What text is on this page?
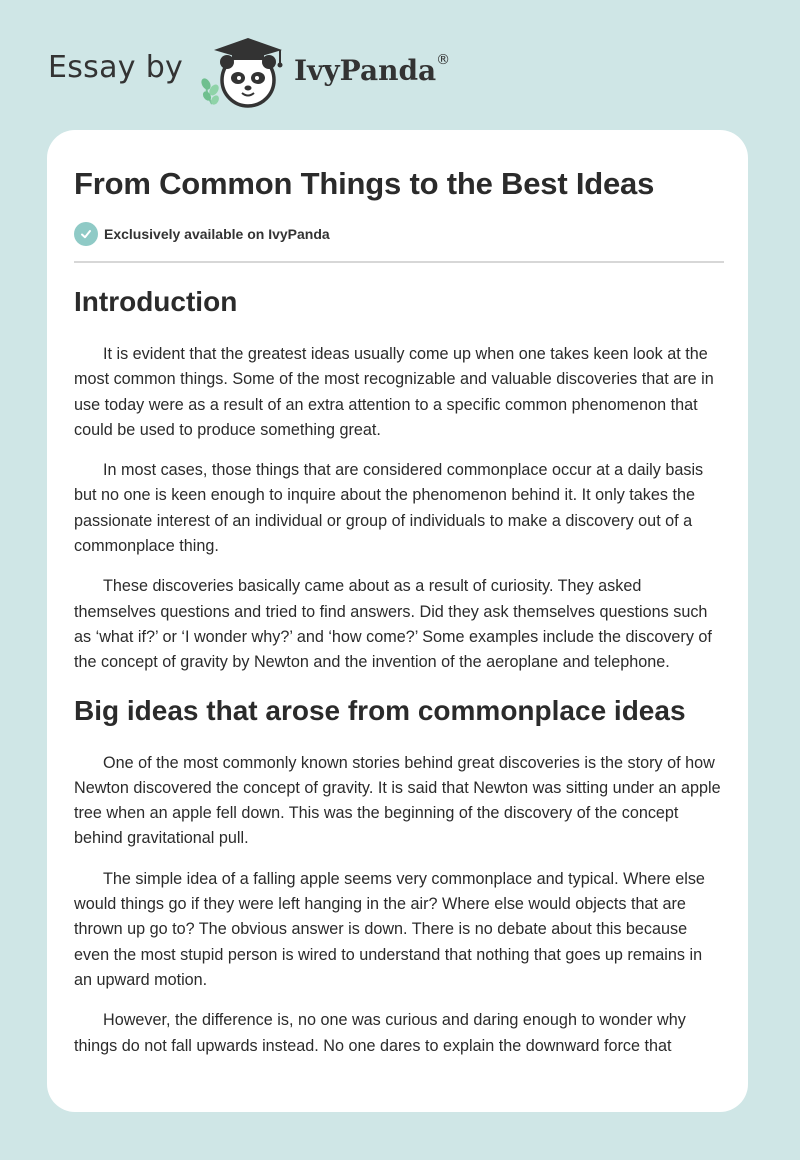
Essay by	IvyPanda®
From Common Things to the Best Ideas
Exclusively available on IvyPanda
Introduction

It is evident that the greatest ideas usually come up when one takes keen look at the most common things. Some of the most recognizable and valuable discoveries that are in use today were as a result of an extra attention to a specific common phenomenon that could be used to produce something great.

In most cases, those things that are considered commonplace occur at a daily basis but no one is keen enough to inquire about the phenomenon behind it. It only takes the passionate interest of an individual or group of individuals to make a discovery out of a commonplace thing.

These discoveries basically came about as a result of curiosity. They asked themselves questions and tried to find answers. Did they ask themselves questions such as ‘what if?’ or ‘I wonder why?’ and ‘how come?’ Some examples include the discovery of the concept of gravity by Newton and the invention of the aeroplane and telephone.

Big ideas that arose from commonplace ideas

One of the most commonly known stories behind great discoveries is the story of how Newton discovered the concept of gravity. It is said that Newton was sitting under an apple tree when an apple fell down. This was the beginning of the discovery of the concept behind gravitational pull.

The simple idea of a falling apple seems very commonplace and typical. Where else would things go if they were left hanging in the air? Where else would objects that are thrown up go to? The obvious answer is down. There is no debate about this because even the most stupid person is wired to understand that nothing that goes up remains in an upward motion.

However, the difference is, no one was curious and daring enough to wonder why things do not fall upwards instead. No one dares to explain the downward force that
